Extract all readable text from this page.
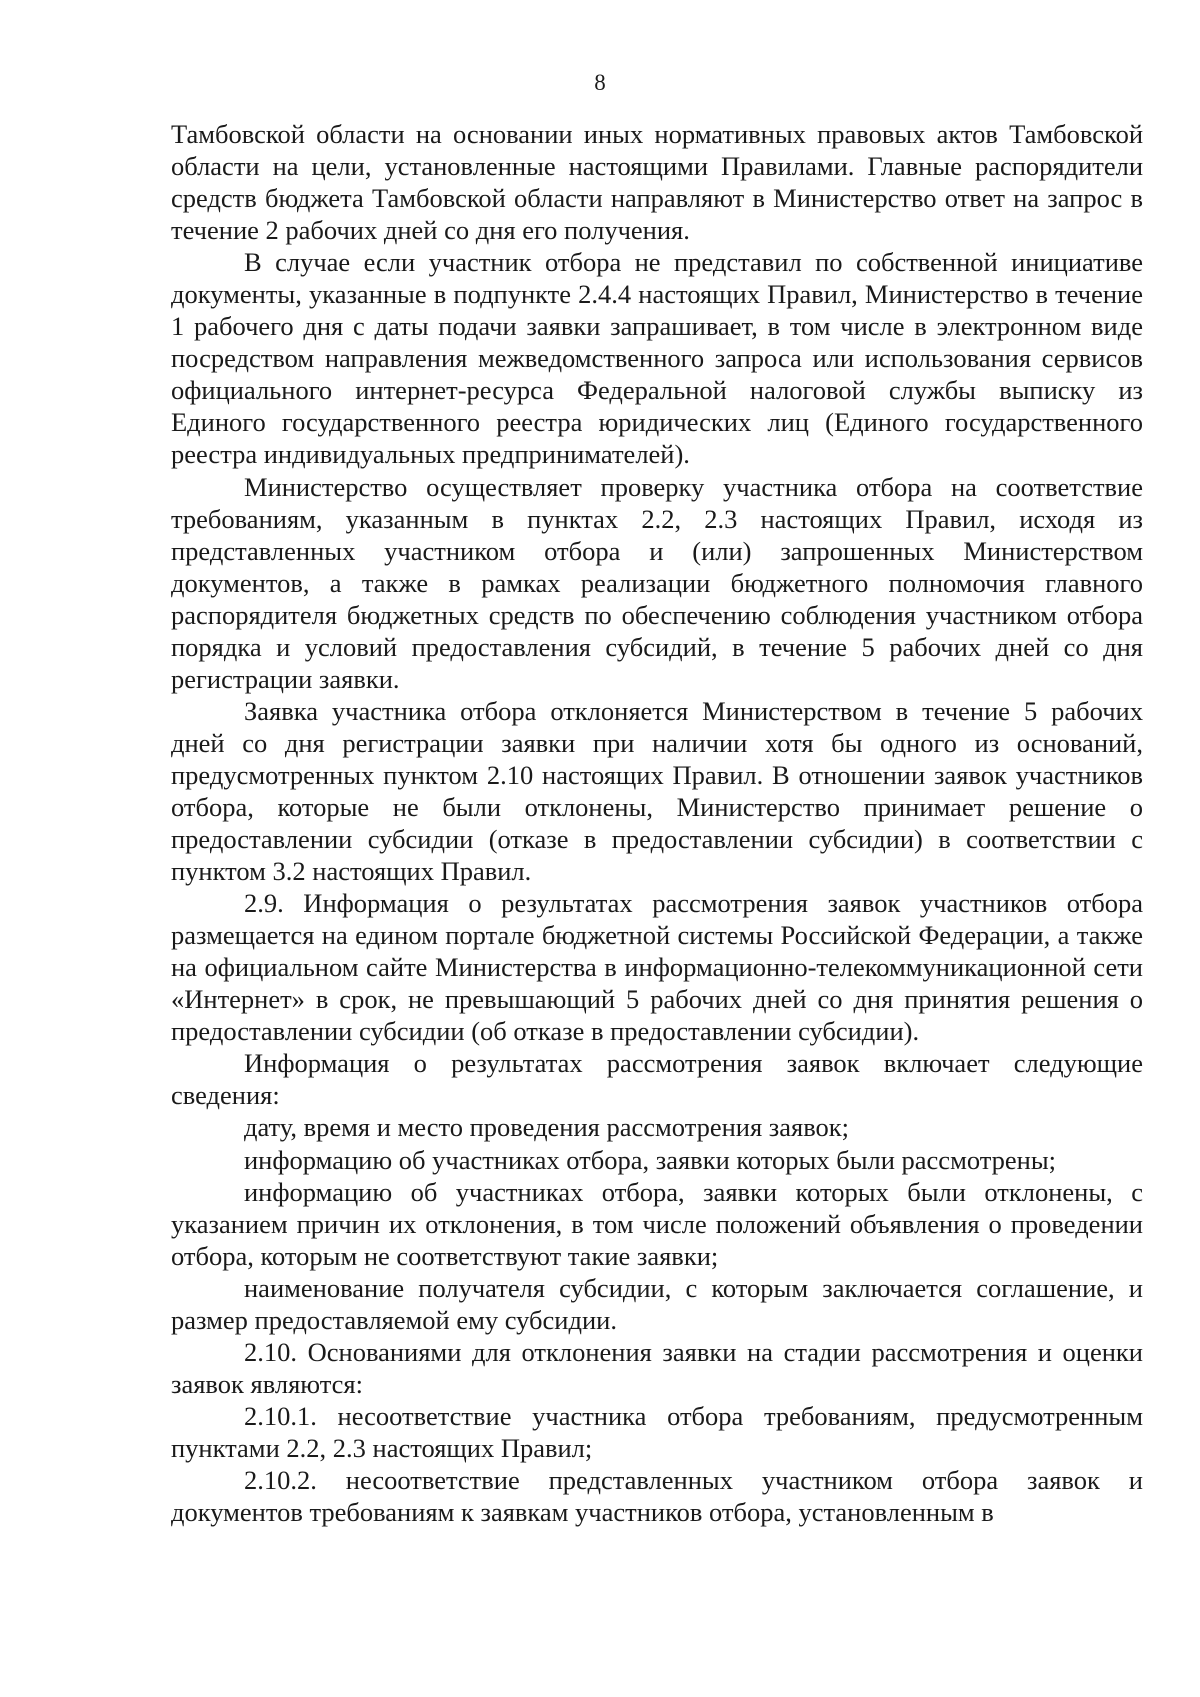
8

Тамбовской области на основании иных нормативных правовых актов Тамбовской области на цели, установленные настоящими Правилами. Главные распорядители средств бюджета Тамбовской области направляют в Министерство ответ на запрос в течение 2 рабочих дней со дня его получения.

В случае если участник отбора не представил по собственной инициативе документы, указанные в подпункте 2.4.4 настоящих Правил, Министерство в течение 1 рабочего дня с даты подачи заявки запрашивает, в том числе в электронном виде посредством направления межведомственного запроса или использования сервисов официального интернет-ресурса Федеральной налоговой службы выписку из Единого государственного реестра юридических лиц (Единого государственного реестра индивидуальных предпринимателей).

Министерство осуществляет проверку участника отбора на соответствие требованиям, указанным в пунктах 2.2, 2.3 настоящих Правил, исходя из представленных участником отбора и (или) запрошенных Министерством документов, а также в рамках реализации бюджетного полномочия главного распорядителя бюджетных средств по обеспечению соблюдения участником отбора порядка и условий предоставления субсидий, в течение 5 рабочих дней со дня регистрации заявки.

Заявка участника отбора отклоняется Министерством в течение 5 рабочих дней со дня регистрации заявки при наличии хотя бы одного из оснований, предусмотренных пунктом 2.10 настоящих Правил. В отношении заявок участников отбора, которые не были отклонены, Министерство принимает решение о предоставлении субсидии (отказе в предоставлении субсидии) в соответствии с пунктом 3.2 настоящих Правил.

2.9. Информация о результатах рассмотрения заявок участников отбора размещается на едином портале бюджетной системы Российской Федерации, а также на официальном сайте Министерства в информационно-телекоммуникационной сети «Интернет» в срок, не превышающий 5 рабочих дней со дня принятия решения о предоставлении субсидии (об отказе в предоставлении субсидии).

Информация о результатах рассмотрения заявок включает следующие сведения:

дату, время и место проведения рассмотрения заявок;

информацию об участниках отбора, заявки которых были рассмотрены;

информацию об участниках отбора, заявки которых были отклонены, с указанием причин их отклонения, в том числе положений объявления о проведении отбора, которым не соответствуют такие заявки;

наименование получателя субсидии, с которым заключается соглашение, и размер предоставляемой ему субсидии.

2.10. Основаниями для отклонения заявки на стадии рассмотрения и оценки заявок являются:

2.10.1. несоответствие участника отбора требованиям, предусмотренным пунктами 2.2, 2.3 настоящих Правил;

2.10.2. несоответствие представленных участником отбора заявок и документов требованиям к заявкам участников отбора, установленным в
